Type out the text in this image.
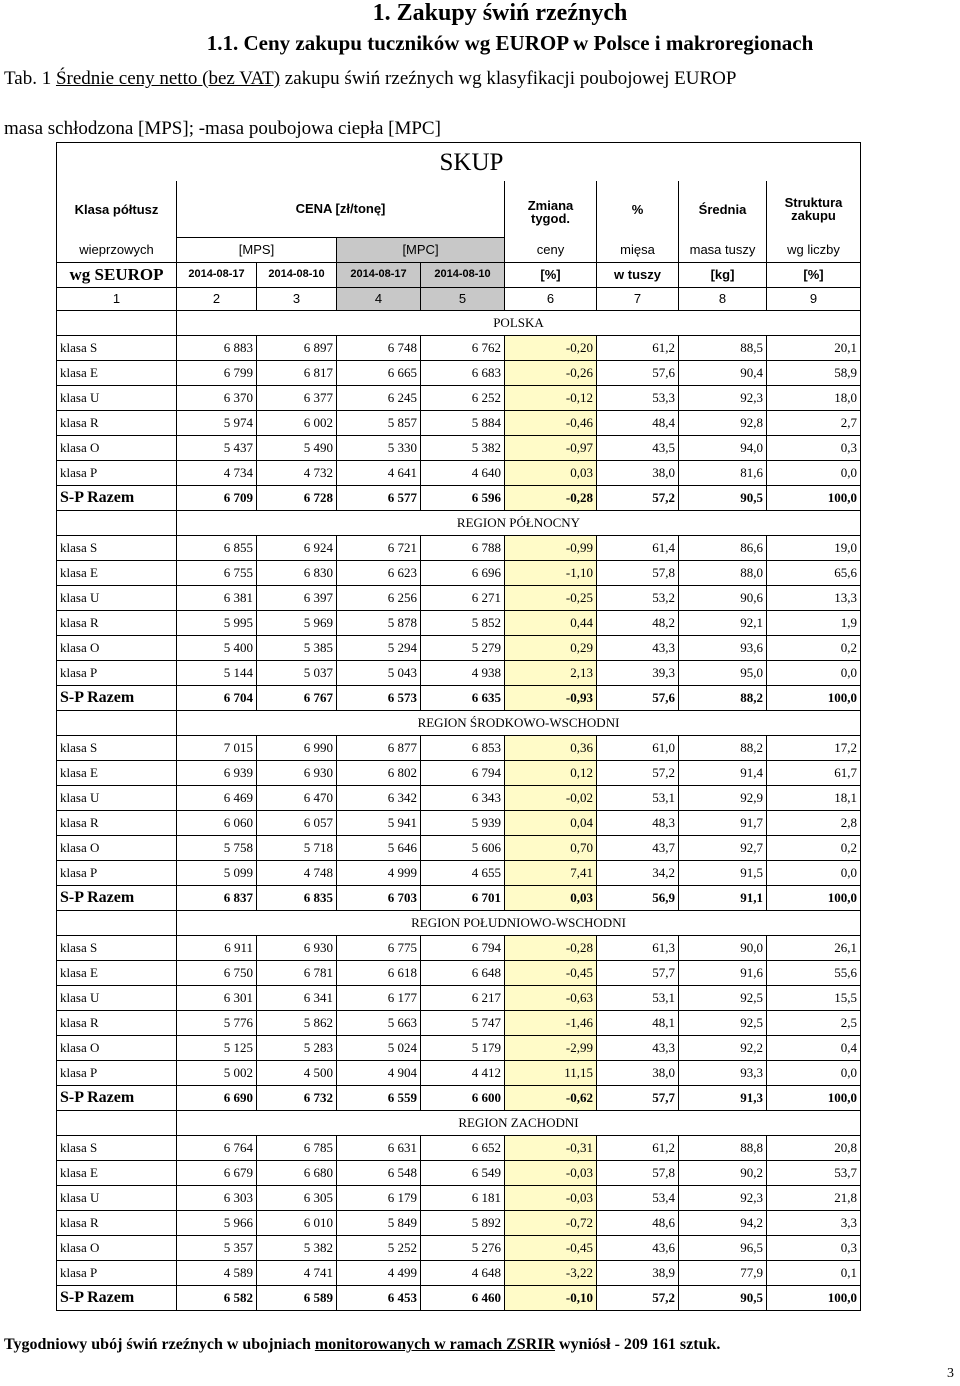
1. Zakupy świń rzeźnych
1.1. Ceny zakupu tuczników wg EUROP w Polsce i makroregionach
Tab. 1 Średnie ceny netto (bez VAT) zakupu świń rzeźnych wg klasyfikacji poubojowej EUROP
masa schłodzona [MPS]; -masa poubojowa ciepła [MPC]
	SKUP							
Klasa półtusz	CENA [zł/tonę]				Zmiana tygod.	%	Średnia	Struktura zakupu
wieprzowych	[MPS]		[MPC]		ceny	mięsa	masa tuszy	wg liczby
wg SEUROP	2014-08-17	2014-08-10	2014-08-17	2014-08-10	[%]	w tuszy	[kg]	[%]
1	2	3	4	5	6	7	8	9
	POLSKA							
klasa S	6 883	6 897	6 748	6 762	-0,20	61,2	88,5	20,1
klasa E	6 799	6 817	6 665	6 683	-0,26	57,6	90,4	58,9
klasa U	6 370	6 377	6 245	6 252	-0,12	53,3	92,3	18,0
klasa R	5 974	6 002	5 857	5 884	-0,46	48,4	92,8	2,7
klasa O	5 437	5 490	5 330	5 382	-0,97	43,5	94,0	0,3
klasa P	4 734	4 732	4 641	4 640	0,03	38,0	81,6	0,0
S-P Razem	6 709	6 728	6 577	6 596	-0,28	57,2	90,5	100,0
	REGION PÓŁNOCNY							
klasa S	6 855	6 924	6 721	6 788	-0,99	61,4	86,6	19,0
klasa E	6 755	6 830	6 623	6 696	-1,10	57,8	88,0	65,6
klasa U	6 381	6 397	6 256	6 271	-0,25	53,2	90,6	13,3
klasa R	5 995	5 969	5 878	5 852	0,44	48,2	92,1	1,9
klasa O	5 400	5 385	5 294	5 279	0,29	43,3	93,6	0,2
klasa P	5 144	5 037	5 043	4 938	2,13	39,3	95,0	0,0
S-P Razem	6 704	6 767	6 573	6 635	-0,93	57,6	88,2	100,0
	REGION ŚRODKOWO-WSCHODNI							
klasa S	7 015	6 990	6 877	6 853	0,36	61,0	88,2	17,2
klasa E	6 939	6 930	6 802	6 794	0,12	57,2	91,4	61,7
klasa U	6 469	6 470	6 342	6 343	-0,02	53,1	92,9	18,1
klasa R	6 060	6 057	5 941	5 939	0,04	48,3	91,7	2,8
klasa O	5 758	5 718	5 646	5 606	0,70	43,7	92,7	0,2
klasa P	5 099	4 748	4 999	4 655	7,41	34,2	91,5	0,0
S-P Razem	6 837	6 835	6 703	6 701	0,03	56,9	91,1	100,0
	REGION POŁUDNIOWO-WSCHODNI							
klasa S	6 911	6 930	6 775	6 794	-0,28	61,3	90,0	26,1
klasa E	6 750	6 781	6 618	6 648	-0,45	57,7	91,6	55,6
klasa U	6 301	6 341	6 177	6 217	-0,63	53,1	92,5	15,5
klasa R	5 776	5 862	5 663	5 747	-1,46	48,1	92,5	2,5
klasa O	5 125	5 283	5 024	5 179	-2,99	43,3	92,2	0,4
klasa P	5 002	4 500	4 904	4 412	11,15	38,0	93,3	0,0
S-P Razem	6 690	6 732	6 559	6 600	-0,62	57,7	91,3	100,0
	REGION ZACHODNI							
klasa S	6 764	6 785	6 631	6 652	-0,31	61,2	88,8	20,8
klasa E	6 679	6 680	6 548	6 549	-0,03	57,8	90,2	53,7
klasa U	6 303	6 305	6 179	6 181	-0,03	53,4	92,3	21,8
klasa R	5 966	6 010	5 849	5 892	-0,72	48,6	94,2	3,3
klasa O	5 357	5 382	5 252	5 276	-0,45	43,6	96,5	0,3
klasa P	4 589	4 741	4 499	4 648	-3,22	38,9	77,9	0,1
S-P Razem	6 582	6 589	6 453	6 460	-0,10	57,2	90,5	100,0
Tygodniowy ubój świń rzeźnych w ubojniach monitorowanych w ramach ZSRIR wyniósł - 209 161 sztuk.
3
